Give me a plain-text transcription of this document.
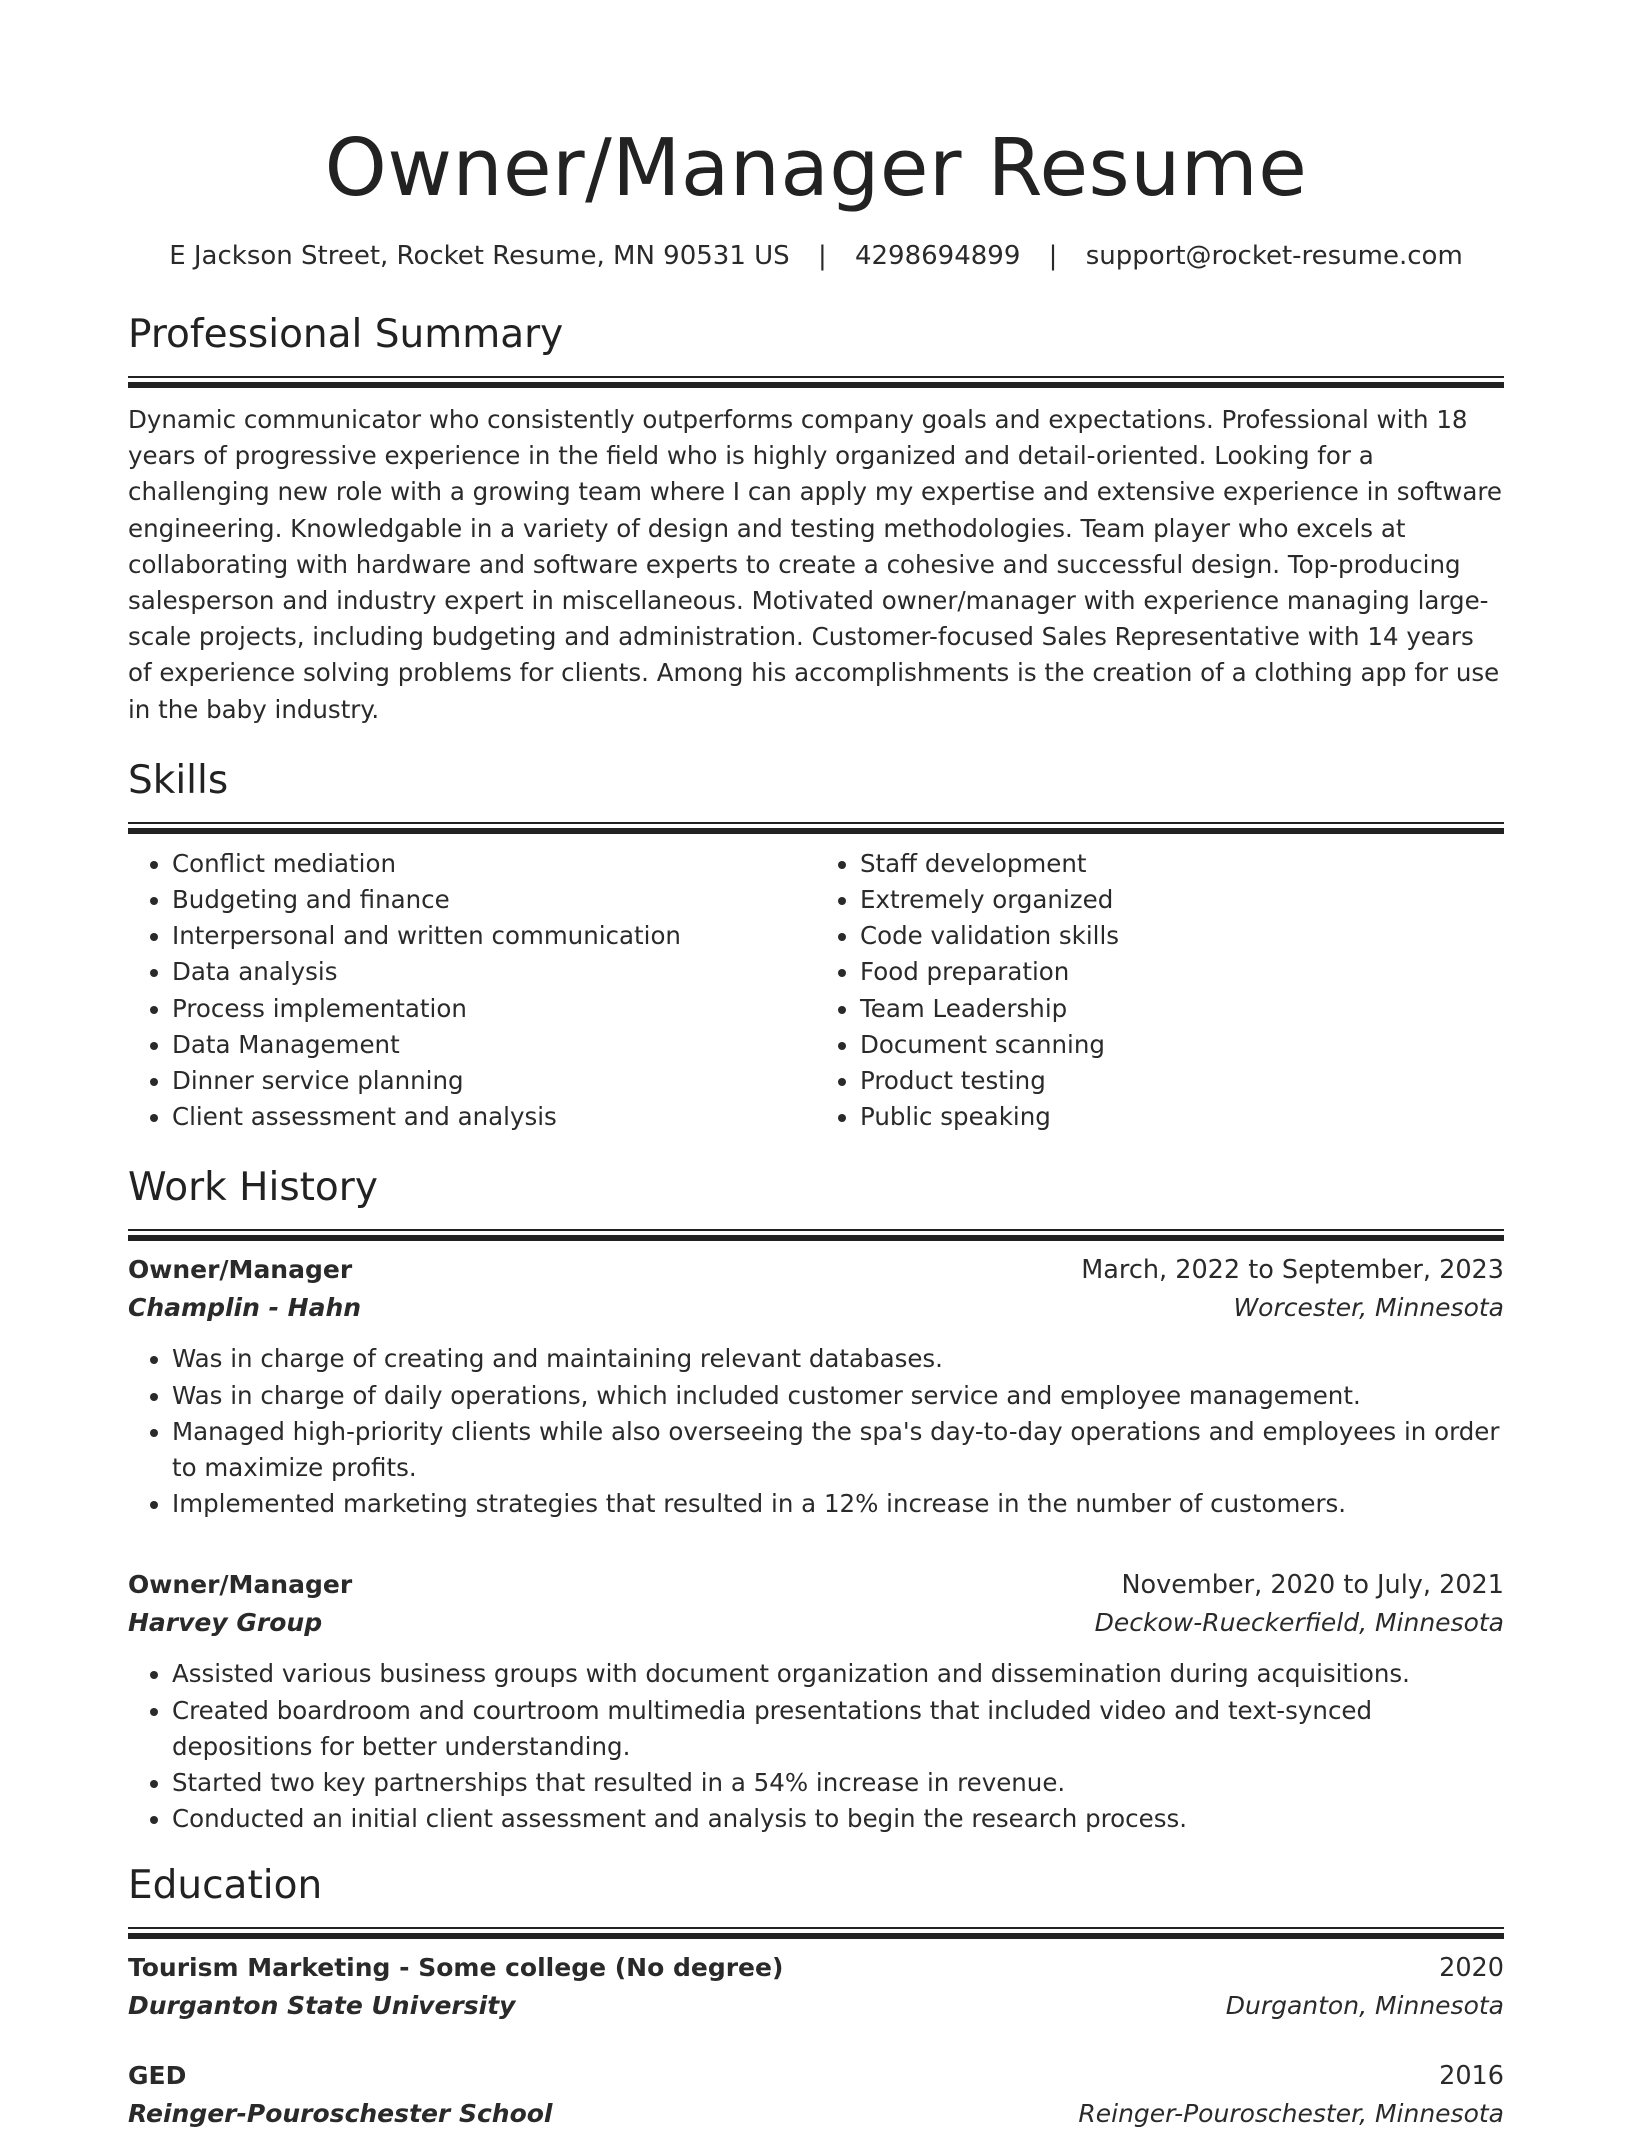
Owner/Manager Resume
E Jackson Street, Rocket Resume, MN 90531 US | 4298694899 | support@rocket-resume.com
Professional Summary

Dynamic communicator who consistently outperforms company goals and expectations. Professional with 18 years of progressive experience in the field who is highly organized and detail-oriented. Looking for a challenging new role with a growing team where I can apply my expertise and extensive experience in software engineering. Knowledgable in a variety of design and testing methodologies. Team player who excels at collaborating with hardware and software experts to create a cohesive and successful design. Top-producing salesperson and industry expert in miscellaneous. Motivated owner/manager with experience managing large-scale projects, including budgeting and administration. Customer-focused Sales Representative with 14 years of experience solving problems for clients. Among his accomplishments is the creation of a clothing app for use in the baby industry.

Skills
• Conflict mediation
• Budgeting and finance
• Interpersonal and written communication
• Data analysis
• Process implementation
• Data Management
• Dinner service planning
• Client assessment and analysis
• Staff development
• Extremely organized
• Code validation skills
• Food preparation
• Team Leadership
• Document scanning
• Product testing
• Public speaking
Work History
Owner/Manager	March, 2022 to September, 2023
Champlin - Hahn	Worcester, Minnesota
• Was in charge of creating and maintaining relevant databases.
• Was in charge of daily operations, which included customer service and employee management.
• Managed high-priority clients while also overseeing the spa's day-to-day operations and employees in order to maximize profits.
• Implemented marketing strategies that resulted in a 12% increase in the number of customers.
Owner/Manager	November, 2020 to July, 2021
Harvey Group	Deckow-Rueckerfield, Minnesota
• Assisted various business groups with document organization and dissemination during acquisitions.
• Created boardroom and courtroom multimedia presentations that included video and text-synced depositions for better understanding.
• Started two key partnerships that resulted in a 54% increase in revenue.
• Conducted an initial client assessment and analysis to begin the research process.
Education
Tourism Marketing - Some college (No degree)	2020
Durganton State University	Durganton, Minnesota
GED	2016
Reinger-Pouroschester School	Reinger-Pouroschester, Minnesota
